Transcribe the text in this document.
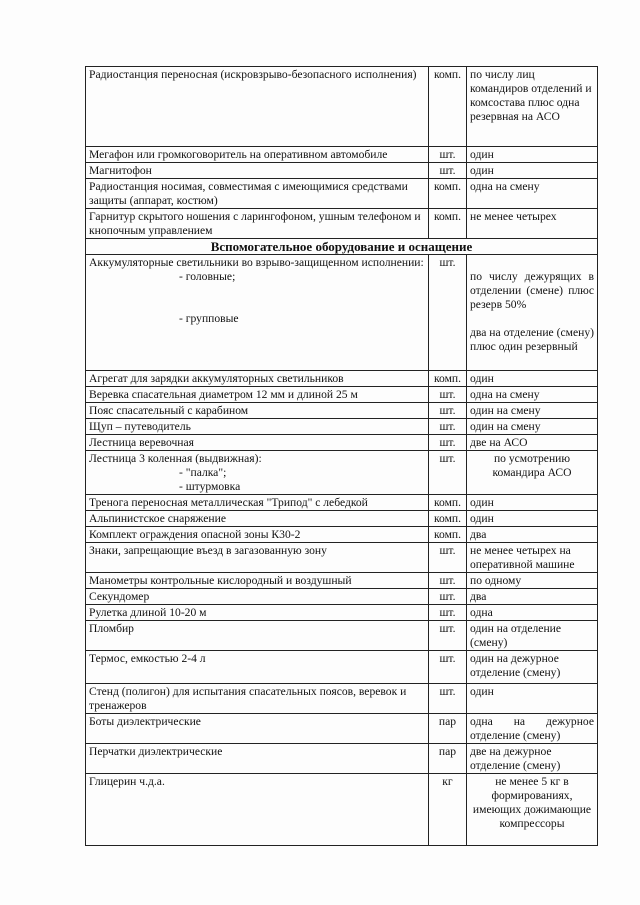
Радиостанция переносная (искровзрыво-безопасного исполнения)	комп.	по числу лиц командиров отделений и комсостава плюс одна резервная на АСО
Мегафон или громкоговоритель на оперативном автомобиле	шт.	один
Магнитофон	шт.	один
Радиостанция носимая, совместимая с имеющимися средствами защиты (аппарат, костюм)	комп.	одна на смену
Гарнитур скрытого ношения с ларингофоном, ушным телефоном и кнопочным управлением	комп.	не менее четырех
Вспомогательное оборудование и оснащение		

Аккумуляторные светильники во взрыво-защищенном исполнении:
- головные;
- групповые	шт.	по числу дежурящих в отделении (смене) плюс резерв 50%
два на отделение (смену) плюс один резервный

Агрегат для зарядки аккумуляторных светильников	комп.	один
Веревка спасательная диаметром 12 мм и длиной 25 м	шт.	одна на смену
Пояс спасательный с карабином	шт.	один на смену
Щуп – путеводитель	шт.	один на смену
Лестница веревочная	шт.	две на АСО

Лестница 3 коленная (выдвижная):
- "палка";
- штурмовка	шт.	по усмотрению командира АСО
Тренога переносная металлическая "Трипод" с лебедкой	комп.	один
Альпинистское снаряжение	комп.	один
Комплект ограждения опасной зоны К30-2	комп.	два
Знаки, запрещающие въезд в загазованную зону	шт.	не менее четырех на оперативной машине
Манометры контрольные кислородный и воздушный	шт.	по одному
Секундомер	шт.	два
Рулетка длиной 10-20 м	шт.	одна
Пломбир	шт.	один на отделение (смену)
Термос, емкостью 2-4 л	шт.	один на дежурное отделение (смену)
Стенд (полигон) для испытания спасательных поясов, веревок и тренажеров	шт.	один
Боты диэлектрические	пар	одна на дежурное отделение (смену)
Перчатки диэлектрические	пар	две на дежурное отделение (смену)
Глицерин ч.д.а.	кг	не менее 5 кг в формированиях, имеющих дожимающие компрессоры
